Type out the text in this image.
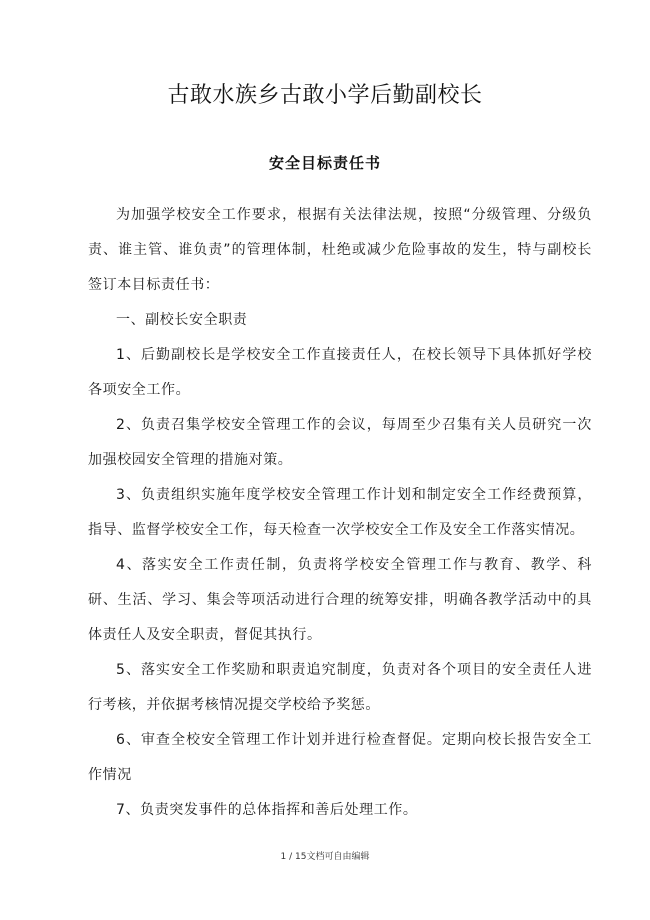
古敢水族乡古敢小学后勤副校长
安全目标责任书

为加强学校安全工作要求，根据有关法律法规，按照“分级管理、分级负责、谁主管、谁负责”的管理体制，杜绝或减少危险事故的发生，特与副校长签订本目标责任书：

一、副校长安全职责

1、后勤副校长是学校安全工作直接责任人，在校长领导下具体抓好学校各项安全工作。

2、负责召集学校安全管理工作的会议，每周至少召集有关人员研究一次加强校园安全管理的措施对策。

3、负责组织实施年度学校安全管理工作计划和制定安全工作经费预算，指导、监督学校安全工作，每天检查一次学校安全工作及安全工作落实情况。

4、落实安全工作责任制，负责将学校安全管理工作与教育、教学、科研、生活、学习、集会等项活动进行合理的统筹安排，明确各教学活动中的具体责任人及安全职责，督促其执行。

5、落实安全工作奖励和职责追究制度，负责对各个项目的安全责任人进行考核，并依据考核情况提交学校给予奖惩。

6、审查全校安全管理工作计划并进行检查督促。定期向校长报告安全工作情况

7、负责突发事件的总体指挥和善后处理工作。

1 / 15文档可自由编辑
